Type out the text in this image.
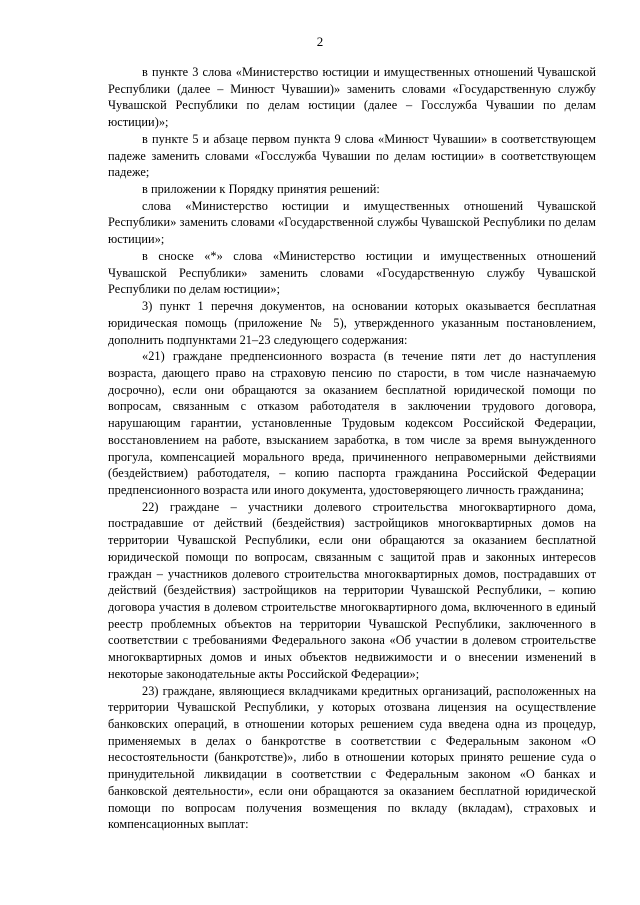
2

в пункте 3 слова «Министерство юстиции и имущественных отношений Чувашской Республики (далее – Минюст Чувашии)» заменить словами «Государственную службу Чувашской Республики по делам юстиции (далее – Госслужба Чувашии по делам юстиции)»;

в пункте 5 и абзаце первом пункта 9 слова «Минюст Чувашии» в соответствующем падеже заменить словами «Госслужба Чувашии по делам юстиции» в соответствующем падеже;

в приложении к Порядку принятия решений:

слова «Министерство юстиции и имущественных отношений Чувашской Республики» заменить словами «Государственной службы Чувашской Республики по делам юстиции»;

в сноске «*» слова «Министерство юстиции и имущественных отношений Чувашской Республики» заменить словами «Государственную службу Чувашской Республики по делам юстиции»;

3) пункт 1 перечня документов, на основании которых оказывается бесплатная юридическая помощь (приложение № 5), утвержденного указанным постановлением, дополнить подпунктами 21–23 следующего содержания:

«21) граждане предпенсионного возраста (в течение пяти лет до наступления возраста, дающего право на страховую пенсию по старости, в том числе назначаемую досрочно), если они обращаются за оказанием бесплатной юридической помощи по вопросам, связанным с отказом работодателя в заключении трудового договора, нарушающим гарантии, установленные Трудовым кодексом Российской Федерации, восстановлением на работе, взысканием заработка, в том числе за время вынужденного прогула, компенсацией морального вреда, причиненного неправомерными действиями (бездействием) работодателя, – копию паспорта гражданина Российской Федерации предпенсионного возраста или иного документа, удостоверяющего личность гражданина;

22) граждане – участники долевого строительства многоквартирного дома, пострадавшие от действий (бездействия) застройщиков многоквартирных домов на территории Чувашской Республики, если они обращаются за оказанием бесплатной юридической помощи по вопросам, связанным с защитой прав и законных интересов граждан – участников долевого строительства многоквартирных домов, пострадавших от действий (бездействия) застройщиков на территории Чувашской Республики, – копию договора участия в долевом строительстве многоквартирного дома, включенного в единый реестр проблемных объектов на территории Чувашской Республики, заключенного в соответствии с требованиями Федерального закона «Об участии в долевом строительстве многоквартирных домов и иных объектов недвижимости и о внесении изменений в некоторые законодательные акты Российской Федерации»;

23) граждане, являющиеся вкладчиками кредитных организаций, расположенных на территории Чувашской Республики, у которых отозвана лицензия на осуществление банковских операций, в отношении которых решением суда введена одна из процедур, применяемых в делах о банкротстве в соответствии с Федеральным законом «О несостоятельности (банкротстве)», либо в отношении которых принято решение суда о принудительной ликвидации в соответствии с Федеральным законом «О банках и банковской деятельности», если они обращаются за оказанием бесплатной юридической помощи по вопросам получения возмещения по вкладу (вкладам), страховых и компенсационных выплат:
